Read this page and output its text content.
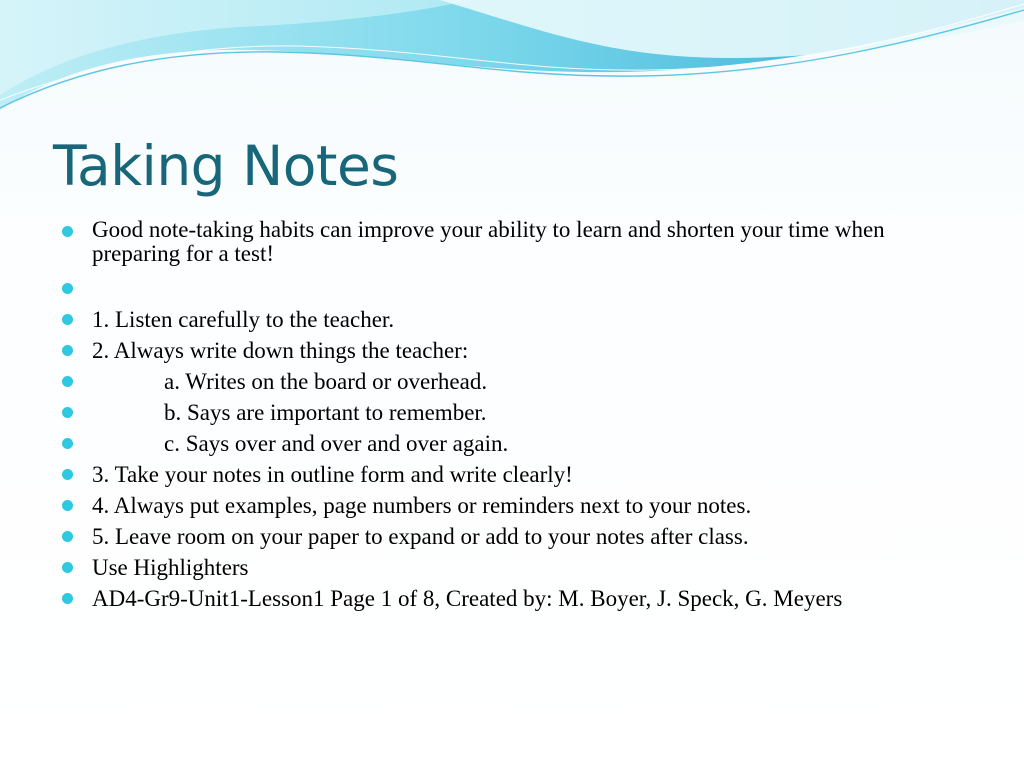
Taking Notes
Good note-taking habits can improve your ability to learn and shorten your time when preparing for a test!
1. Listen carefully to the teacher.
2. Always write down things the teacher:
a. Writes on the board or overhead.
b. Says are important to remember.
c. Says over and over and over again.
3. Take your notes in outline form and write clearly!
4. Always put examples, page numbers or reminders next to your notes.
5. Leave room on your paper to expand or add to your notes after class.
Use Highlighters
AD4-Gr9-Unit1-Lesson1 Page 1 of 8, Created by: M. Boyer, J. Speck, G. Meyers
